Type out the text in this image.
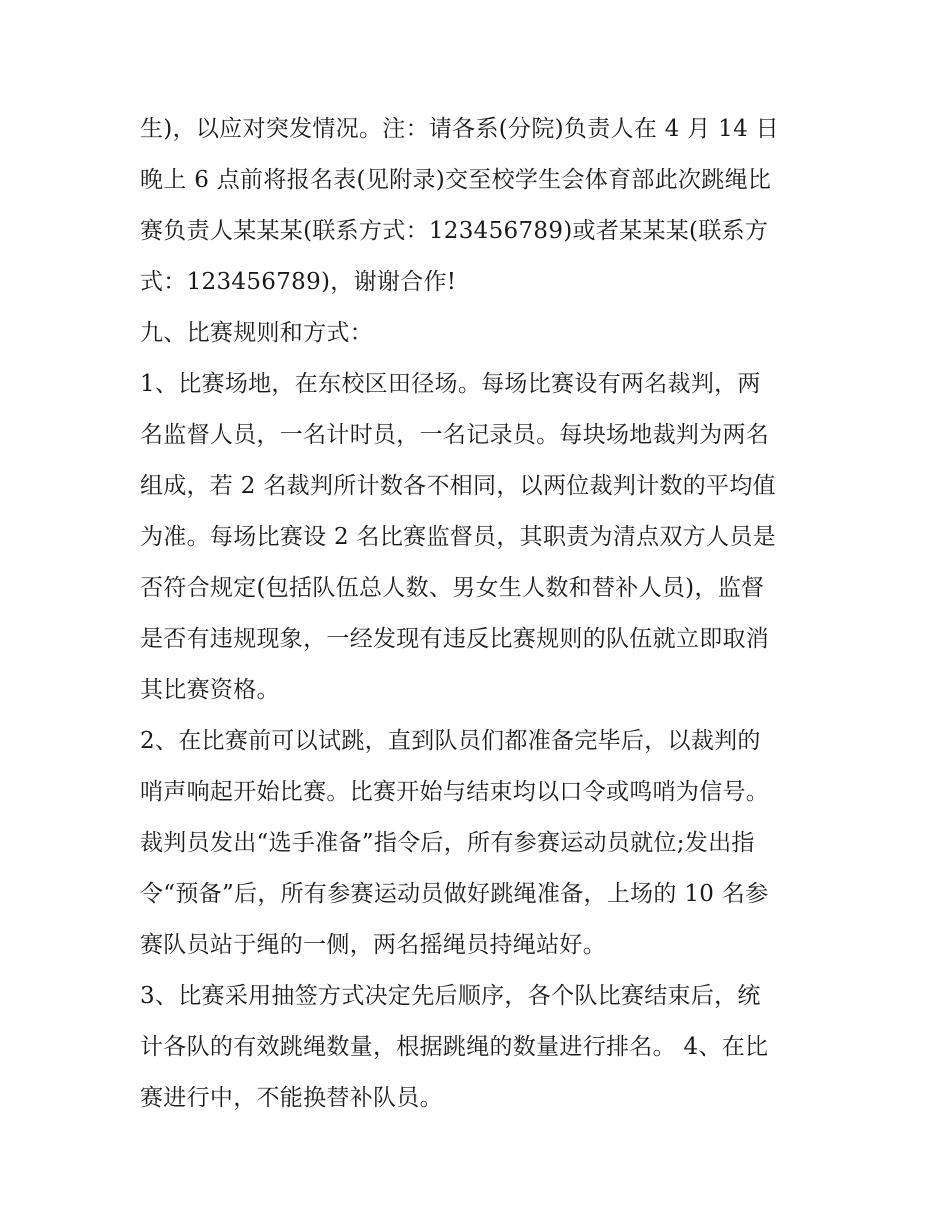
生)，以应对突发情况。注：请各系(分院)负责人在 4 月 14 日
晚上 6 点前将报名表(见附录)交至校学生会体育部此次跳绳比
赛负责人某某某(联系方式：123456789)或者某某某(联系方
式：123456789)，谢谢合作!
九、比赛规则和方式：
1、比赛场地，在东校区田径场。每场比赛设有两名裁判，两
名监督人员，一名计时员，一名记录员。每块场地裁判为两名
组成，若 2 名裁判所计数各不相同，以两位裁判计数的平均值
为准。每场比赛设 2 名比赛监督员，其职责为清点双方人员是
否符合规定(包括队伍总人数、男女生人数和替补人员)，监督
是否有违规现象，一经发现有违反比赛规则的队伍就立即取消
其比赛资格。
2、在比赛前可以试跳，直到队员们都准备完毕后，以裁判的
哨声响起开始比赛。比赛开始与结束均以口令或鸣哨为信号。
裁判员发出“选手准备”指令后，所有参赛运动员就位;发出指
令“预备”后，所有参赛运动员做好跳绳准备，上场的 10 名参
赛队员站于绳的一侧，两名摇绳员持绳站好。
3、比赛采用抽签方式决定先后顺序，各个队比赛结束后，统
计各队的有效跳绳数量，根据跳绳的数量进行排名。 4、在比
赛进行中，不能换替补队员。
